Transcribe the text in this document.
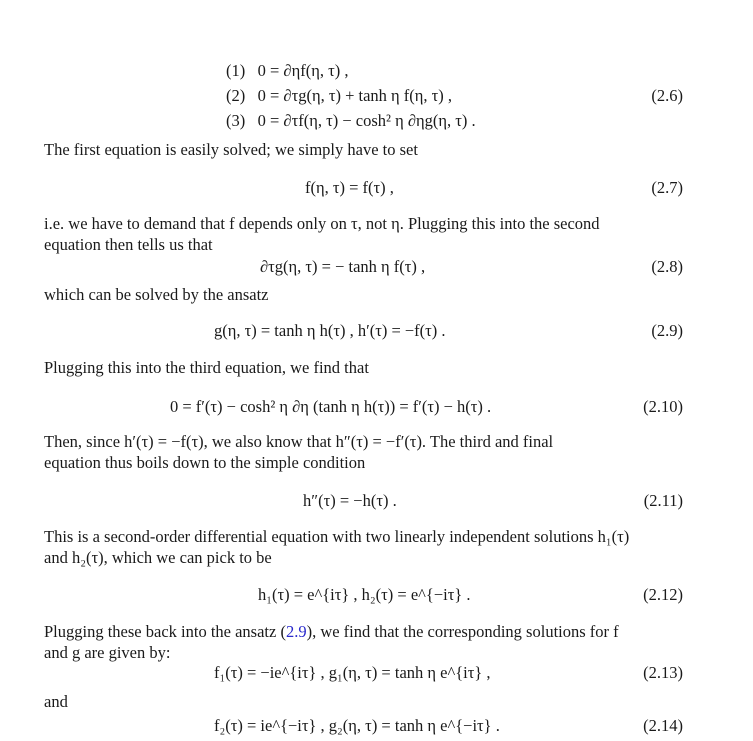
(1) 0 = ∂ηf(η, τ) ,
(2) 0 = ∂τg(η, τ) + tanh η f(η, τ) ,
(3) 0 = ∂τf(η, τ) − cosh² η ∂ηg(η, τ) .
(2.6)
The first equation is easily solved; we simply have to set
f(η, τ) = f(τ) ,	(2.7)
i.e. we have to demand that f depends only on τ, not η. Plugging this into the second
equation then tells us that
∂τg(η, τ) = − tanh η f(τ) ,	(2.8)
which can be solved by the ansatz
g(η, τ) = tanh η h(τ) , h′(τ) = −f(τ) .	(2.9)
Plugging this into the third equation, we find that
0 = f′(τ) − cosh² η ∂η (tanh η h(τ)) = f′(τ) − h(τ) .	(2.10)
Then, since h′(τ) = −f(τ), we also know that h″(τ) = −f′(τ). The third and final
equation thus boils down to the simple condition
h″(τ) = −h(τ) .	(2.11)
This is a second-order differential equation with two linearly independent solutions h₁(τ)
and h₂(τ), which we can pick to be
h₁(τ) = e^{iτ} , h₂(τ) = e^{−iτ} .	(2.12)
Plugging these back into the ansatz (2.9), we find that the corresponding solutions for f
and g are given by:
f₁(τ) = −ie^{iτ} , g₁(η, τ) = tanh η e^{iτ} ,	(2.13)
and
f₂(τ) = ie^{−iτ} , g₂(η, τ) = tanh η e^{−iτ} .	(2.14)
